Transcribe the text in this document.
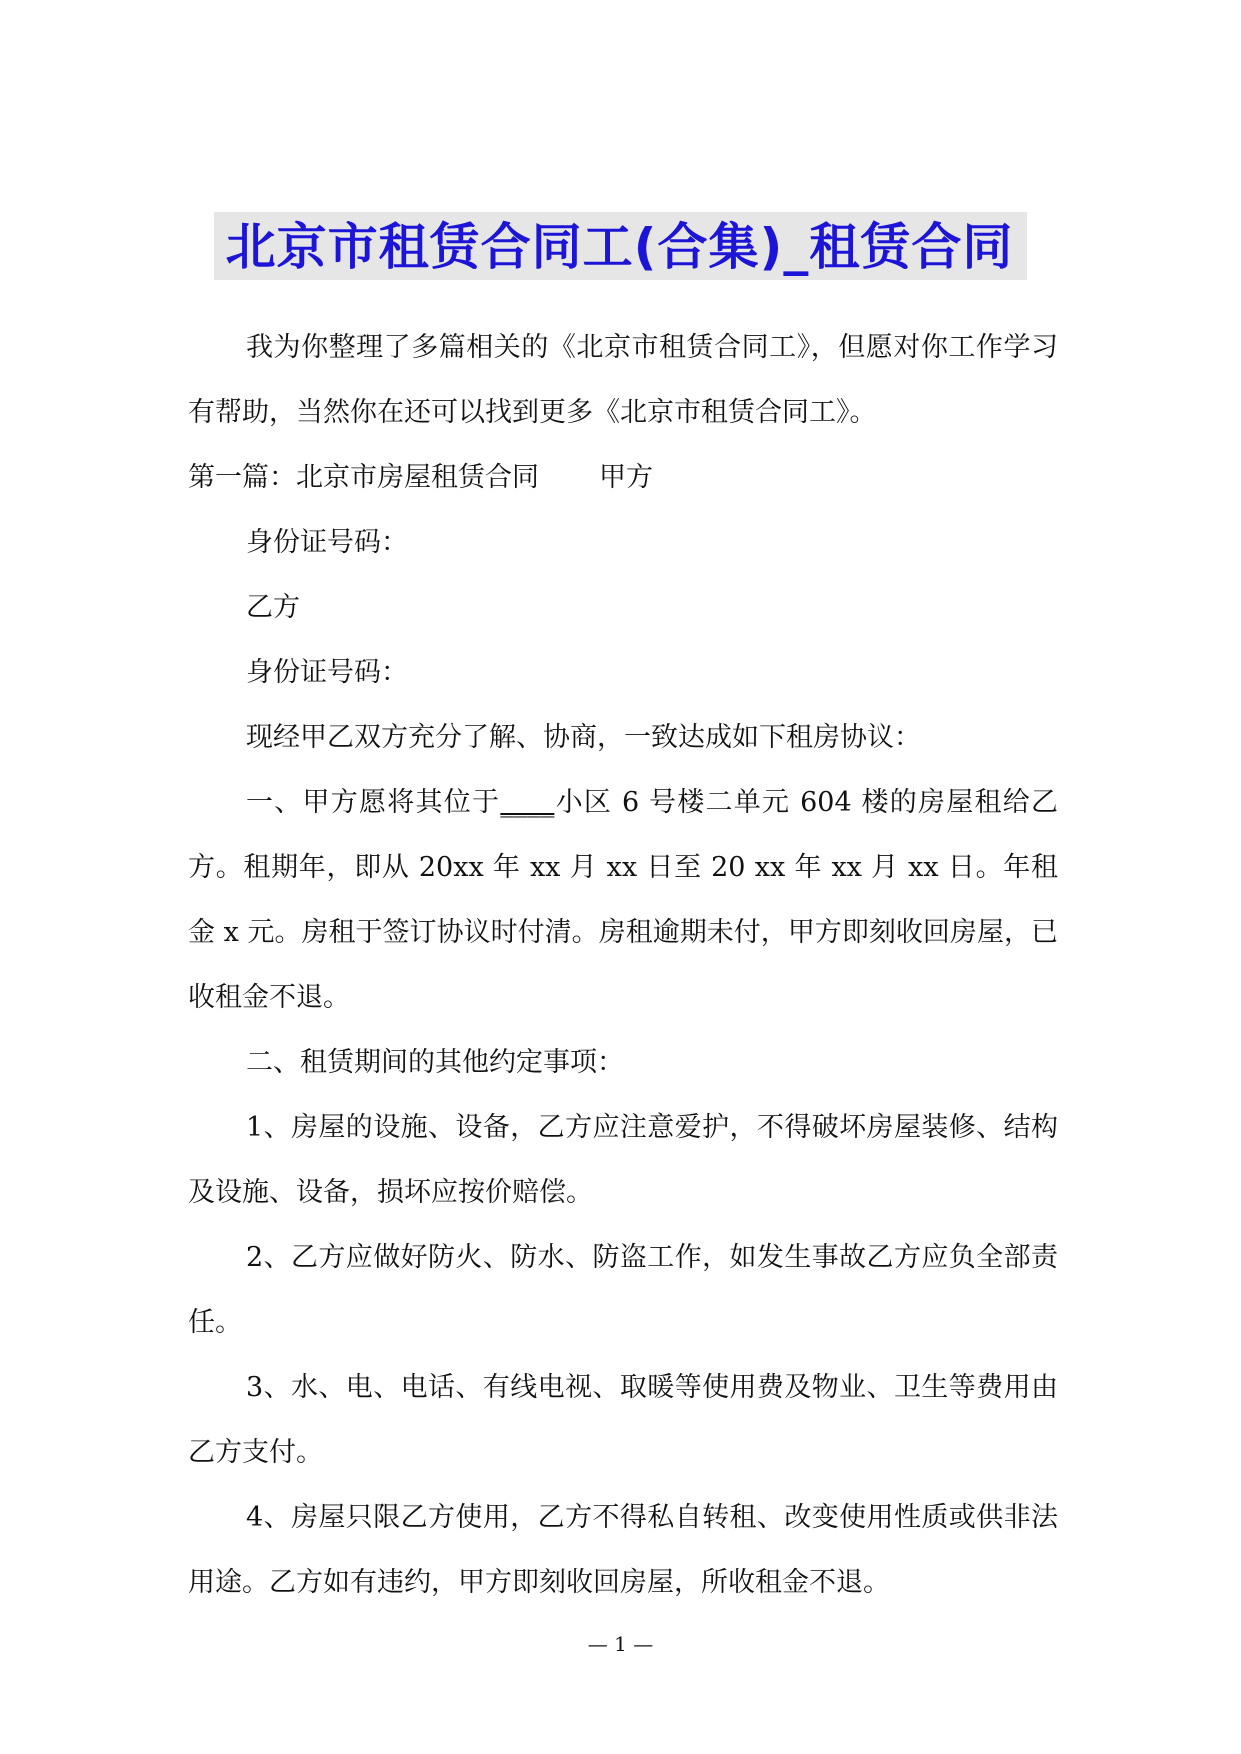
北京市租赁合同工(合集)_租赁合同

我为你整理了多篇相关的《北京市租赁合同工》，但愿对你工作学习有帮助，当然你在还可以找到更多《北京市租赁合同工》。

第一篇：北京市房屋租赁合同 甲方

身份证号码：

乙方

身份证号码：

现经甲乙双方充分了解、协商，一致达成如下租房协议：

一、甲方愿将其位于____小区 6 号楼二单元 604 楼的房屋租给乙方。租期年，即从 20xx 年 xx 月 xx 日至 20 xx 年 xx 月 xx 日。年租金 x 元。房租于签订协议时付清。房租逾期未付，甲方即刻收回房屋，已收租金不退。

二、租赁期间的其他约定事项：

1、房屋的设施、设备，乙方应注意爱护，不得破坏房屋装修、结构及设施、设备，损坏应按价赔偿。

2、乙方应做好防火、防水、防盗工作，如发生事故乙方应负全部责任。

3、水、电、电话、有线电视、取暖等使用费及物业、卫生等费用由乙方支付。

4、房屋只限乙方使用，乙方不得私自转租、改变使用性质或供非法用途。乙方如有违约，甲方即刻收回房屋，所收租金不退。

— 1 —
